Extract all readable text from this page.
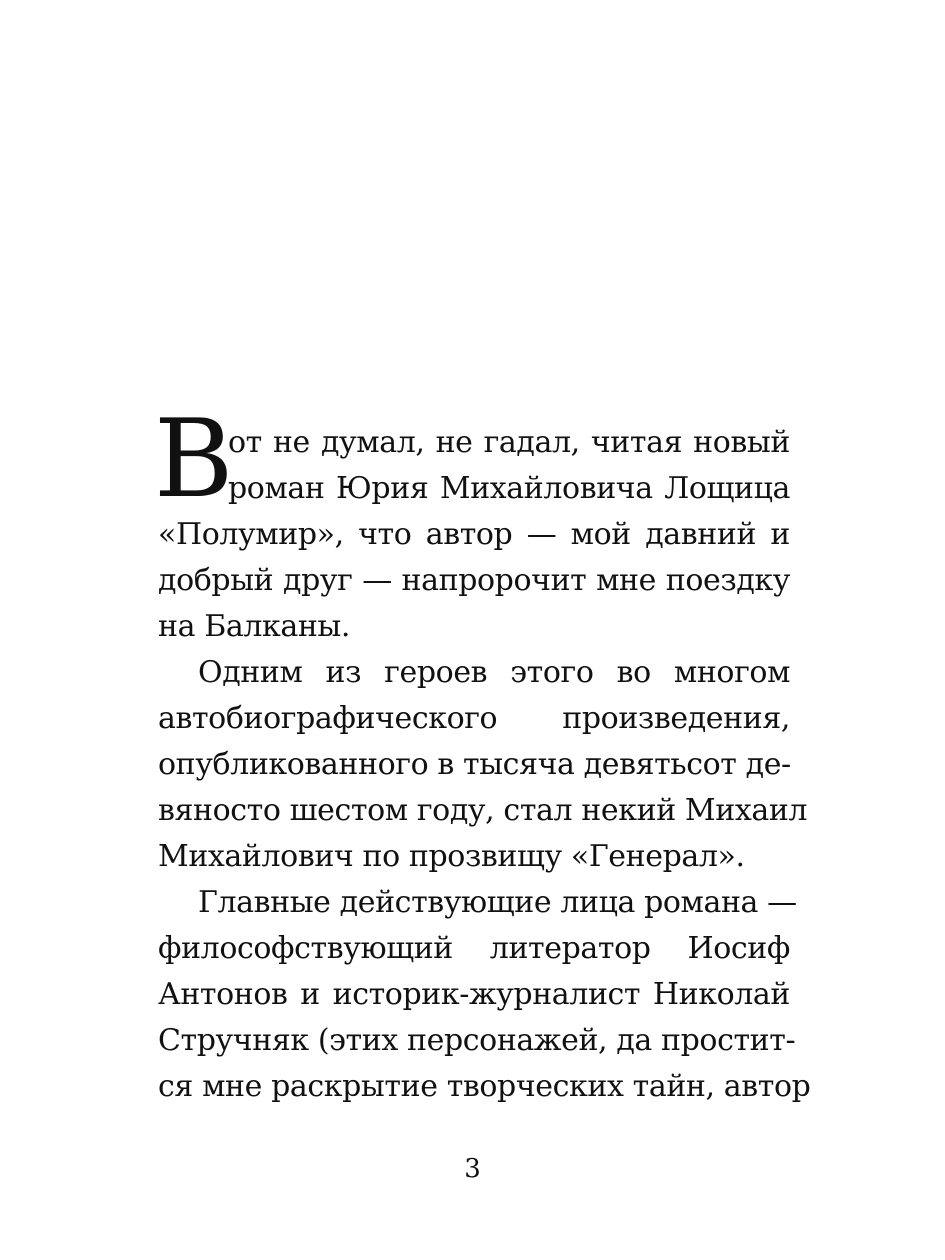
В
от не думал, не гадал, читая новый
роман Юрия Михайловича Лощица
«Полумир», что автор — мой давний и
добрый друг — напророчит мне поездку
на Балканы.
Одним из героев этого во многом
автобиографического произведения,
опубликованного в тысяча девятьсот де-
вяносто шестом году, стал некий Михаил
Михайлович по прозвищу «Генерал».
Главные действующие лица романа —
философствующий литератор Иосиф
Антонов и историк-журналист Николай
Стручняк (этих персонажей, да простит-
ся мне раскрытие творческих тайн, автор
3
